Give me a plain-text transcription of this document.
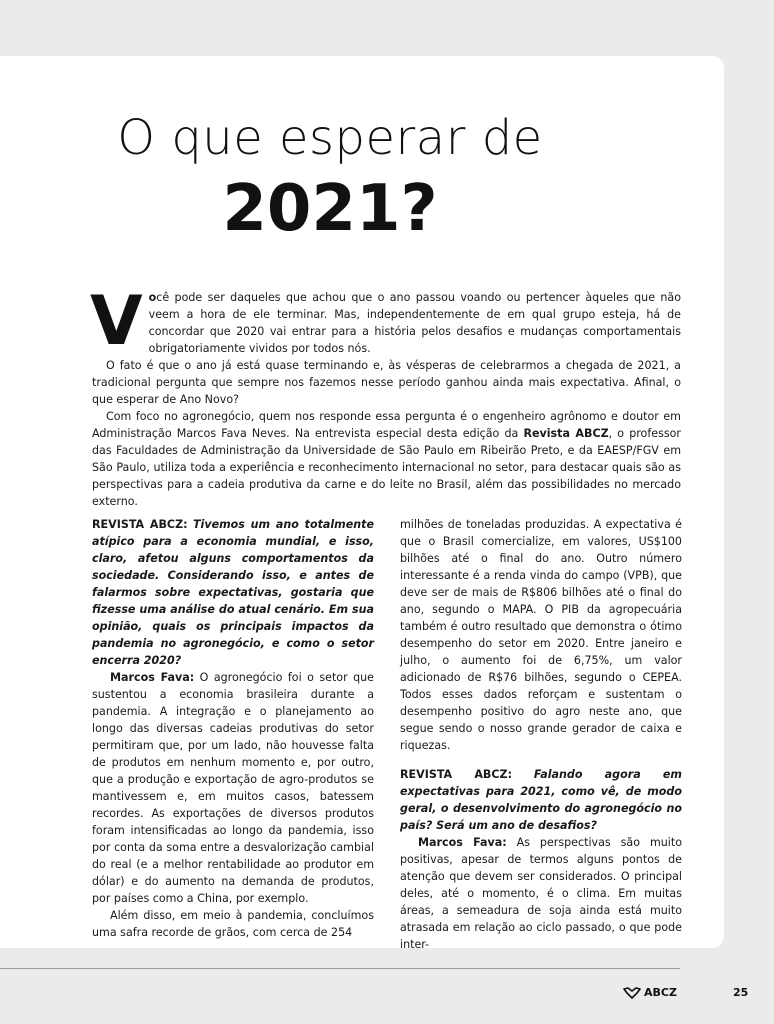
O que esperar de
2021?

Você pode ser daqueles que achou que o ano passou voando ou pertencer àqueles que não veem a hora de ele terminar. Mas, independentemente de em qual grupo esteja, há de concordar que 2020 vai entrar para a história pelos desafios e mudanças comportamentais obrigatoriamente vividos por todos nós.

O fato é que o ano já está quase terminando e, às vésperas de celebrarmos a chegada de 2021, a tradicional pergunta que sempre nos fazemos nesse período ganhou ainda mais expectativa. Afinal, o que esperar de Ano Novo?

Com foco no agronegócio, quem nos responde essa pergunta é o engenheiro agrônomo e doutor em Administração Marcos Fava Neves. Na entrevista especial desta edição da Revista ABCZ, o professor das Faculdades de Administração da Universidade de São Paulo em Ribeirão Preto, e da EAESP/FGV em São Paulo, utiliza toda a experiência e reconhecimento internacional no setor, para destacar quais são as perspectivas para a cadeia produtiva da carne e do leite no Brasil, além das possibilidades no mercado externo.

REVISTA ABCZ: Tivemos um ano totalmente atípico para a economia mundial, e isso, claro, afetou alguns comportamentos da sociedade. Considerando isso, e antes de falarmos sobre expectativas, gostaria que fizesse uma análise do atual cenário. Em sua opinião, quais os principais impactos da pandemia no agronegócio, e como o setor encerra 2020?

Marcos Fava: O agronegócio foi o setor que sustentou a economia brasileira durante a pandemia. A integração e o planejamento ao longo das diversas cadeias produtivas do setor permitiram que, por um lado, não houvesse falta de produtos em nenhum momento e, por outro, que a produção e exportação de agro-produtos se mantivessem e, em muitos casos, batessem recordes. As exportações de diversos produtos foram intensificadas ao longo da pandemia, isso por conta da soma entre a desvalorização cambial do real (e a melhor rentabilidade ao produtor em dólar) e do aumento na demanda de produtos, por países como a China, por exemplo.

Além disso, em meio à pandemia, concluímos uma safra recorde de grãos, com cerca de 254

milhões de toneladas produzidas. A expectativa é que o Brasil comercialize, em valores, US$100 bilhões até o final do ano. Outro número interessante é a renda vinda do campo (VPB), que deve ser de mais de R$806 bilhões até o final do ano, segundo o MAPA. O PIB da agropecuária também é outro resultado que demonstra o ótimo desempenho do setor em 2020. Entre janeiro e julho, o aumento foi de 6,75%, um valor adicionado de R$76 bilhões, segundo o CEPEA. Todos esses dados reforçam e sustentam o desempenho positivo do agro neste ano, que segue sendo o nosso grande gerador de caixa e riquezas.

REVISTA ABCZ: Falando agora em expectativas para 2021, como vê, de modo geral, o desenvolvimento do agronegócio no país? Será um ano de desafios?

Marcos Fava: As perspectivas são muito positivas, apesar de termos alguns pontos de atenção que devem ser considerados. O principal deles, até o momento, é o clima. Em muitas áreas, a semeadura de soja ainda está muito atrasada em relação ao ciclo passado, o que pode inter-

ABCZ	25
